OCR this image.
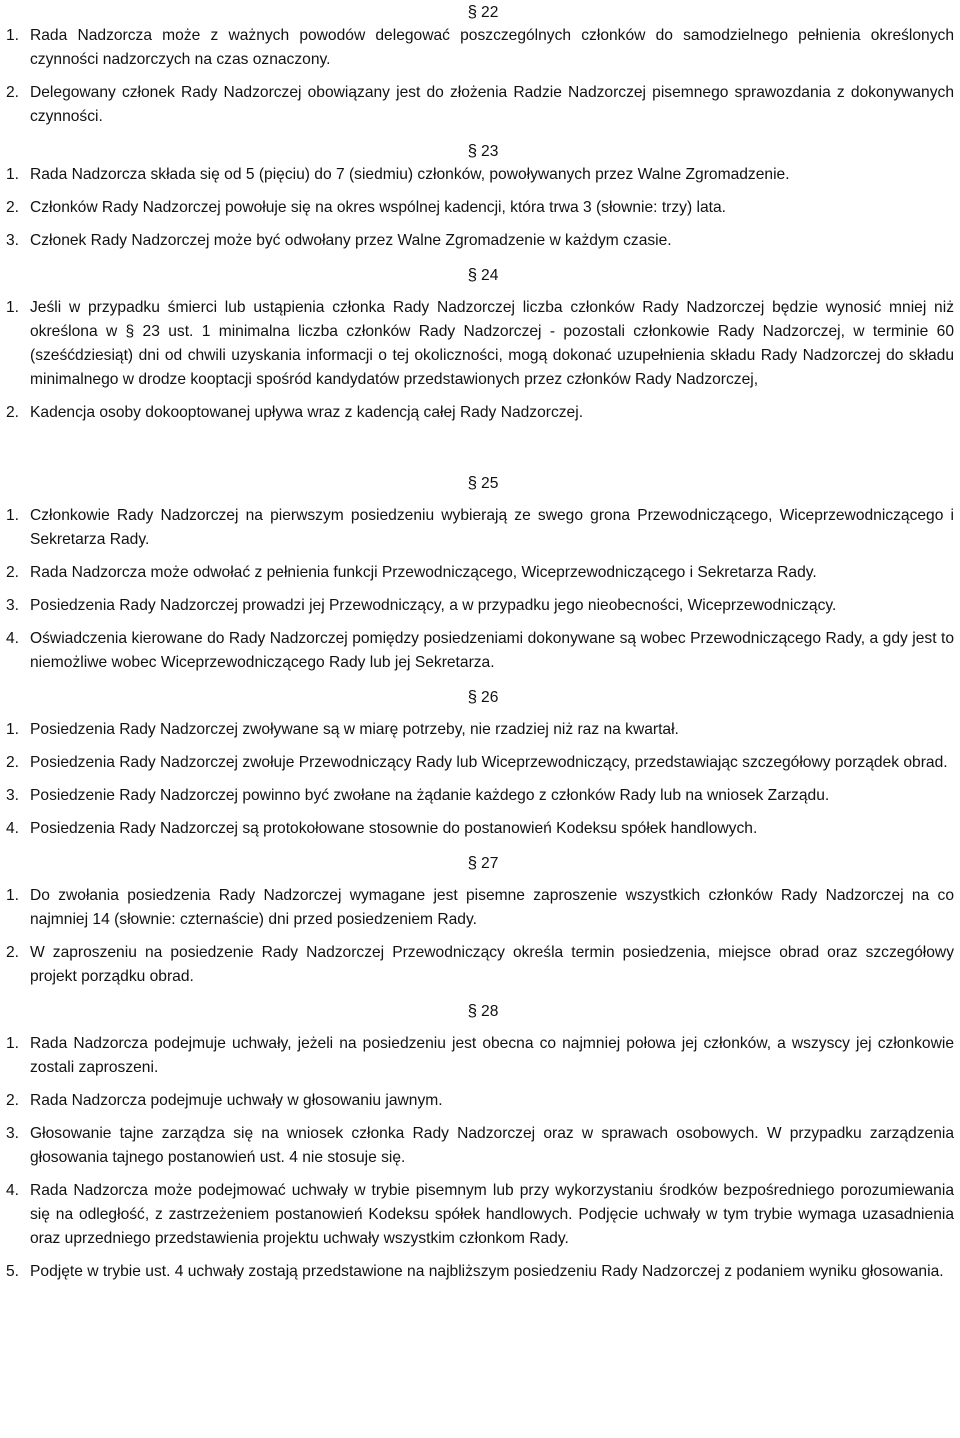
§ 22
1. Rada Nadzorcza może z ważnych powodów delegować poszczególnych członków do samodzielnego pełnienia określonych czynności nadzorczych na czas oznaczony.
2. Delegowany członek Rady Nadzorczej obowiązany jest do złożenia Radzie Nadzorczej pisemnego sprawozdania z dokonywanych czynności.
§ 23
1. Rada Nadzorcza składa się od 5 (pięciu) do 7 (siedmiu) członków, powoływanych przez Walne Zgromadzenie.
2. Członków Rady Nadzorczej powołuje się na okres wspólnej kadencji, która trwa 3 (słownie: trzy) lata.
3. Członek Rady Nadzorczej może być odwołany przez Walne Zgromadzenie w każdym czasie.
§ 24
1. Jeśli w przypadku śmierci lub ustąpienia członka Rady Nadzorczej liczba członków Rady Nadzorczej będzie wynosić mniej niż określona w § 23 ust. 1 minimalna liczba członków Rady Nadzorczej - pozostali członkowie Rady Nadzorczej, w terminie 60 (sześćdziesiąt) dni od chwili uzyskania informacji o tej okoliczności, mogą dokonać uzupełnienia składu Rady Nadzorczej do składu minimalnego w drodze kooptacji spośród kandydatów przedstawionych przez członków Rady Nadzorczej,
2. Kadencja osoby dokooptowanej upływa wraz z kadencją całej Rady Nadzorczej.
§ 25
1. Członkowie Rady Nadzorczej na pierwszym posiedzeniu wybierają ze swego grona Przewodniczącego, Wiceprzewodniczącego i Sekretarza Rady.
2. Rada Nadzorcza może odwołać z pełnienia funkcji Przewodniczącego, Wiceprzewodniczącego i Sekretarza Rady.
3. Posiedzenia Rady Nadzorczej prowadzi jej Przewodniczący, a w przypadku jego nieobecności, Wiceprzewodniczący.
4. Oświadczenia kierowane do Rady Nadzorczej pomiędzy posiedzeniami dokonywane są wobec Przewodniczącego Rady, a gdy jest to niemożliwe wobec Wiceprzewodniczącego Rady lub jej Sekretarza.
§ 26
1. Posiedzenia Rady Nadzorczej zwoływane są w miarę potrzeby, nie rzadziej niż raz na kwartał.
2. Posiedzenia Rady Nadzorczej zwołuje Przewodniczący Rady lub Wiceprzewodniczący, przedstawiając szczegółowy porządek obrad.
3. Posiedzenie Rady Nadzorczej powinno być zwołane na żądanie każdego z członków Rady lub na wniosek Zarządu.
4. Posiedzenia Rady Nadzorczej są protokołowane stosownie do postanowień Kodeksu spółek handlowych.
§ 27
1. Do zwołania posiedzenia Rady Nadzorczej wymagane jest pisemne zaproszenie wszystkich członków Rady Nadzorczej na co najmniej 14 (słownie: czternaście) dni przed posiedzeniem Rady.
2. W zaproszeniu na posiedzenie Rady Nadzorczej Przewodniczący określa termin posiedzenia, miejsce obrad oraz szczegółowy projekt porządku obrad.
§ 28
1. Rada Nadzorcza podejmuje uchwały, jeżeli na posiedzeniu jest obecna co najmniej połowa jej członków, a wszyscy jej członkowie zostali zaproszeni.
2. Rada Nadzorcza podejmuje uchwały w głosowaniu jawnym.
3. Głosowanie tajne zarządza się na wniosek członka Rady Nadzorczej oraz w sprawach osobowych. W przypadku zarządzenia głosowania tajnego postanowień ust. 4 nie stosuje się.
4. Rada Nadzorcza może podejmować uchwały w trybie pisemnym lub przy wykorzystaniu środków bezpośredniego porozumiewania się na odległość, z zastrzeżeniem postanowień Kodeksu spółek handlowych. Podjęcie uchwały w tym trybie wymaga uzasadnienia oraz uprzedniego przedstawienia projektu uchwały wszystkim członkom Rady.
5. Podjęte w trybie ust. 4 uchwały zostają przedstawione na najbliższym posiedzeniu Rady Nadzorczej z podaniem wyniku głosowania.
